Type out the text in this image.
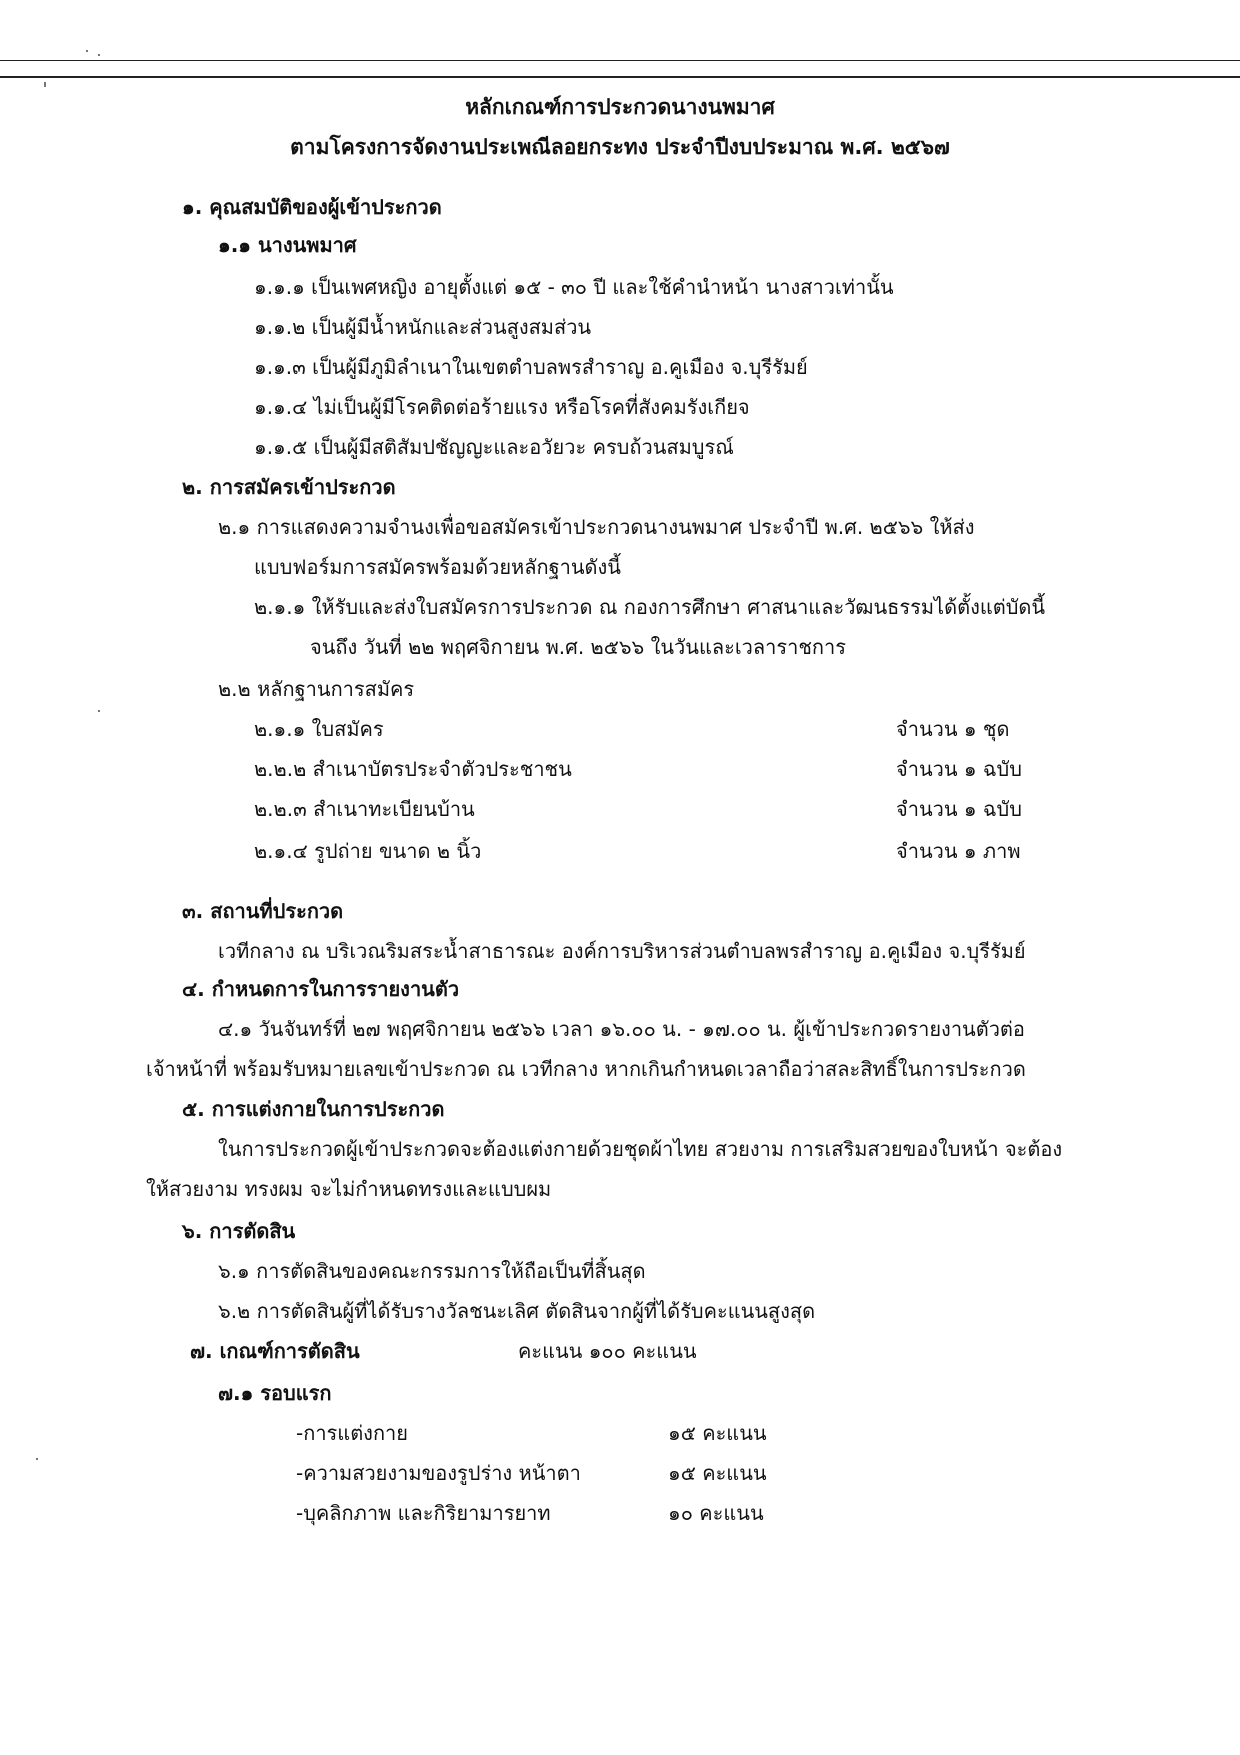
หลักเกณฑ์การประกวดนางนพมาศ
ตามโครงการจัดงานประเพณีลอยกระทง ประจำปีงบประมาณ พ.ศ. ๒๕๖๗
๑. คุณสมบัติของผู้เข้าประกวด
๑.๑ นางนพมาศ
๑.๑.๑ เป็นเพศหญิง อายุตั้งแต่ ๑๕ - ๓๐ ปี และใช้คำนำหน้า นางสาวเท่านั้น
๑.๑.๒ เป็นผู้มีน้ำหนักและส่วนสูงสมส่วน
๑.๑.๓ เป็นผู้มีภูมิลำเนาในเขตตำบลพรสำราญ อ.คูเมือง จ.บุรีรัมย์
๑.๑.๔ ไม่เป็นผู้มีโรคติดต่อร้ายแรง หรือโรคที่สังคมรังเกียจ
๑.๑.๕ เป็นผู้มีสติสัมปชัญญะและอวัยวะ ครบถ้วนสมบูรณ์
๒. การสมัครเข้าประกวด
๒.๑ การแสดงความจำนงเพื่อขอสมัครเข้าประกวดนางนพมาศ ประจำปี พ.ศ. ๒๕๖๖ ให้ส่ง
แบบฟอร์มการสมัครพร้อมด้วยหลักฐานดังนี้
๒.๑.๑ ให้รับและส่งใบสมัครการประกวด ณ กองการศึกษา ศาสนาและวัฒนธรรมได้ตั้งแต่บัดนี้
จนถึง วันที่ ๒๒ พฤศจิกายน พ.ศ. ๒๕๖๖ ในวันและเวลาราชการ
๒.๒ หลักฐานการสมัคร
๒.๑.๑ ใบสมัคร	จำนวน ๑ ชุด
๒.๒.๒ สำเนาบัตรประจำตัวประชาชน	จำนวน ๑ ฉบับ
๒.๒.๓ สำเนาทะเบียนบ้าน	จำนวน ๑ ฉบับ
๒.๑.๔ รูปถ่าย ขนาด ๒ นิ้ว	จำนวน ๑ ภาพ
๓. สถานที่ประกวด
เวทีกลาง ณ บริเวณริมสระน้ำสาธารณะ องค์การบริหารส่วนตำบลพรสำราญ อ.คูเมือง จ.บุรีรัมย์
๔. กำหนดการในการรายงานตัว
๔.๑ วันจันทร์ที่ ๒๗ พฤศจิกายน ๒๕๖๖ เวลา ๑๖.๐๐ น. - ๑๗.๐๐ น. ผู้เข้าประกวดรายงานตัวต่อ
เจ้าหน้าที่ พร้อมรับหมายเลขเข้าประกวด ณ เวทีกลาง หากเกินกำหนดเวลาถือว่าสละสิทธิ์ในการประกวด
๕. การแต่งกายในการประกวด
ในการประกวดผู้เข้าประกวดจะต้องแต่งกายด้วยชุดผ้าไทย สวยงาม การเสริมสวยของใบหน้า จะต้อง
ให้สวยงาม ทรงผม จะไม่กำหนดทรงและแบบผม
๖. การตัดสิน
๖.๑ การตัดสินของคณะกรรมการให้ถือเป็นที่สิ้นสุด
๖.๒ การตัดสินผู้ที่ได้รับรางวัลชนะเลิศ ตัดสินจากผู้ที่ได้รับคะแนนสูงสุด
๗. เกณฑ์การตัดสิน	คะแนน ๑๐๐ คะแนน
๗.๑ รอบแรก
-การแต่งกาย	๑๕ คะแนน
-ความสวยงามของรูปร่าง หน้าตา	๑๕ คะแนน
-บุคลิกภาพ และกิริยามารยาท	๑๐ คะแนน
